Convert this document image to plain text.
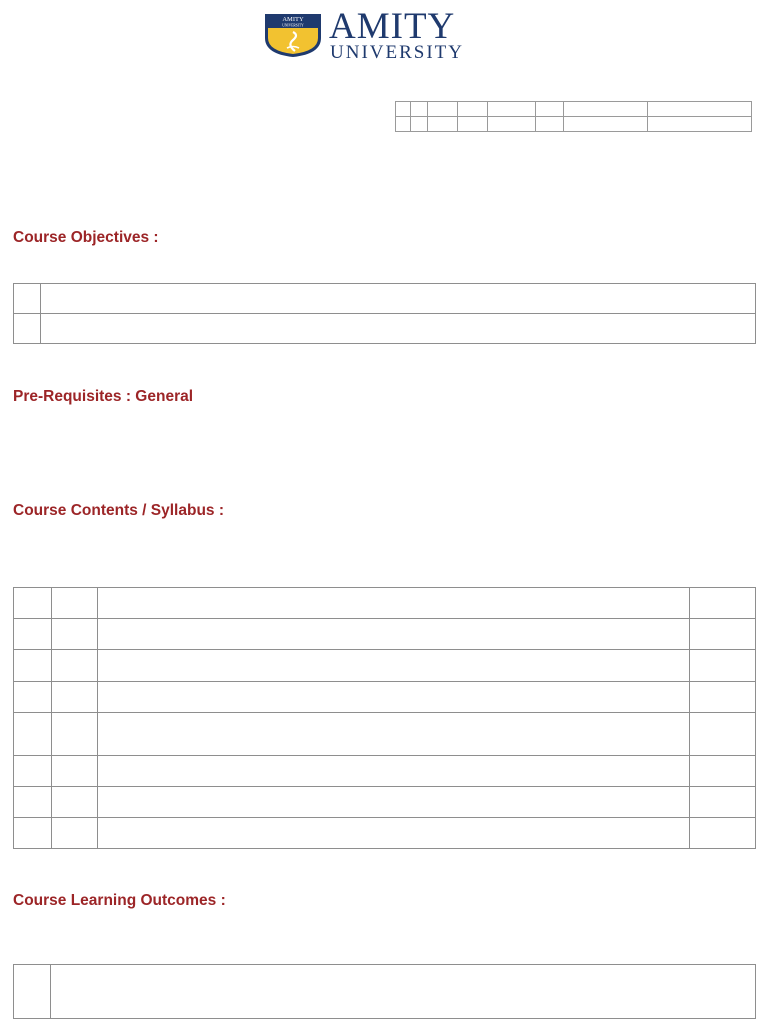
AMITY
UNIVERSITY AMITY
UNIVERSITY

Course Objectives :

Pre-Requisites : General
Course Contents / Syllabus :

Course Learning Outcomes :
